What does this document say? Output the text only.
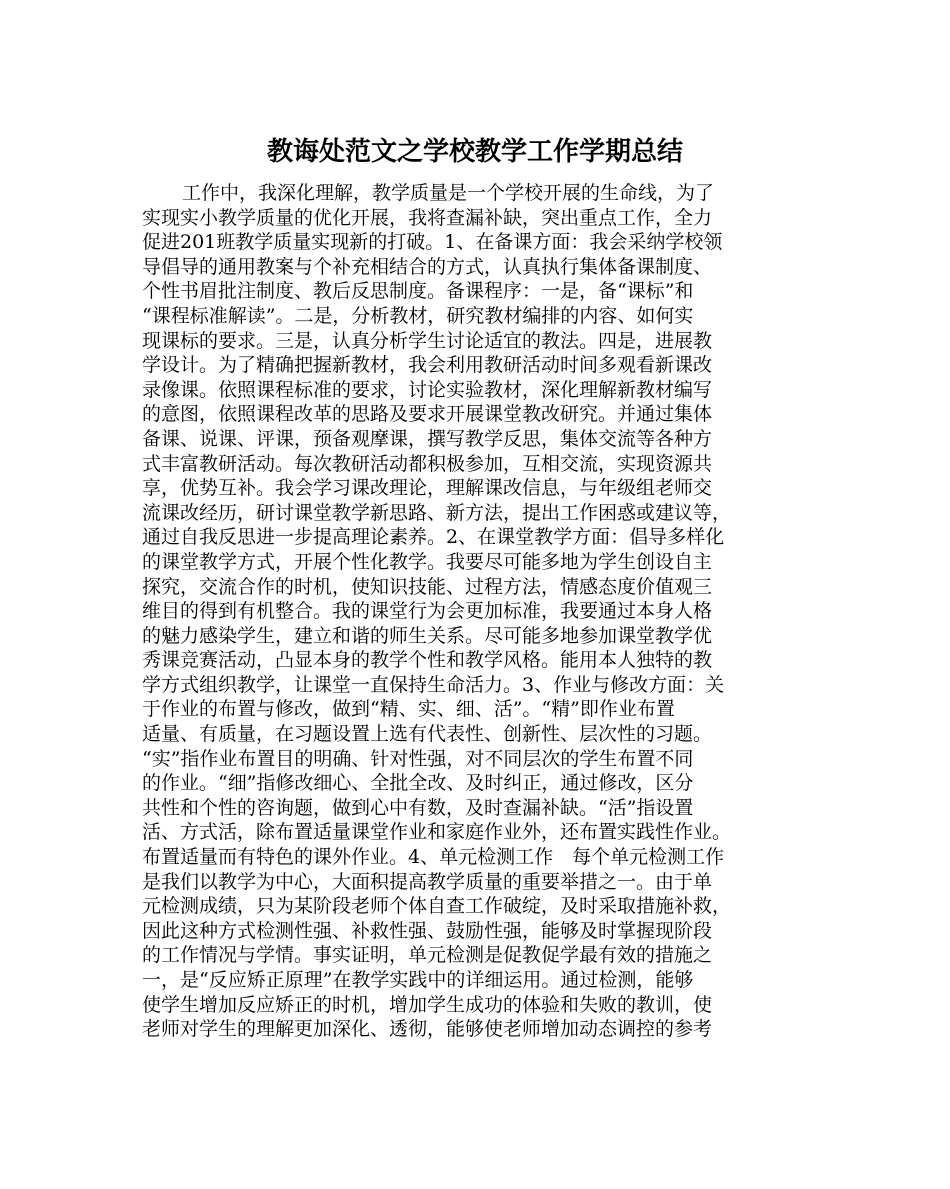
教诲处范文之学校教学工作学期总结
工作中，我深化理解，教学质量是一个学校开展的生命线，为了
实现实小教学质量的优化开展，我将查漏补缺，突出重点工作，全力
促进201班教学质量实现新的打破。1、在备课方面：我会采纳学校领
导倡导的通用教案与个补充相结合的方式，认真执行集体备课制度、
个性书眉批注制度、教后反思制度。备课程序：一是，备“课标”和
“课程标准解读”。二是，分析教材，研究教材编排的内容、如何实
现课标的要求。三是，认真分析学生讨论适宜的教法。四是，进展教
学设计。为了精确把握新教材，我会利用教研活动时间多观看新课改
录像课。依照课程标准的要求，讨论实验教材，深化理解新教材编写
的意图，依照课程改革的思路及要求开展课堂教改研究。并通过集体
备课、说课、评课，预备观摩课，撰写教学反思，集体交流等各种方
式丰富教研活动。每次教研活动都积极参加，互相交流，实现资源共
享，优势互补。我会学习课改理论，理解课改信息，与年级组老师交
流课改经历，研讨课堂教学新思路、新方法，提出工作困惑或建议等，
通过自我反思进一步提高理论素养。2、在课堂教学方面：倡导多样化
的课堂教学方式，开展个性化教学。我要尽可能多地为学生创设自主
探究，交流合作的时机，使知识技能、过程方法，情感态度价值观三
维目的得到有机整合。我的课堂行为会更加标准，我要通过本身人格
的魅力感染学生，建立和谐的师生关系。尽可能多地参加课堂教学优
秀课竞赛活动，凸显本身的教学个性和教学风格。能用本人独特的教
学方式组织教学，让课堂一直保持生命活力。3、作业与修改方面：关
于作业的布置与修改，做到“精、实、细、活”。“精”即作业布置
适量、有质量，在习题设置上选有代表性、创新性、层次性的习题。
“实”指作业布置目的明确、针对性强，对不同层次的学生布置不同
的作业。“细”指修改细心、全批全改、及时纠正，通过修改，区分
共性和个性的咨询题，做到心中有数，及时查漏补缺。“活”指设置
活、方式活，除布置适量课堂作业和家庭作业外，还布置实践性作业。
布置适量而有特色的课外作业。4、单元检测工作　每个单元检测工作
是我们以教学为中心，大面积提高教学质量的重要举措之一。由于单
元检测成绩，只为某阶段老师个体自查工作破绽，及时采取措施补救，
因此这种方式检测性强、补救性强、鼓励性强，能够及时掌握现阶段
的工作情况与学情。事实证明，单元检测是促教促学最有效的措施之
一，是“反应矫正原理”在教学实践中的详细运用。通过检测，能够
使学生增加反应矫正的时机，增加学生成功的体验和失败的教训，使
老师对学生的理解更加深化、透彻，能够使老师增加动态调控的参考
